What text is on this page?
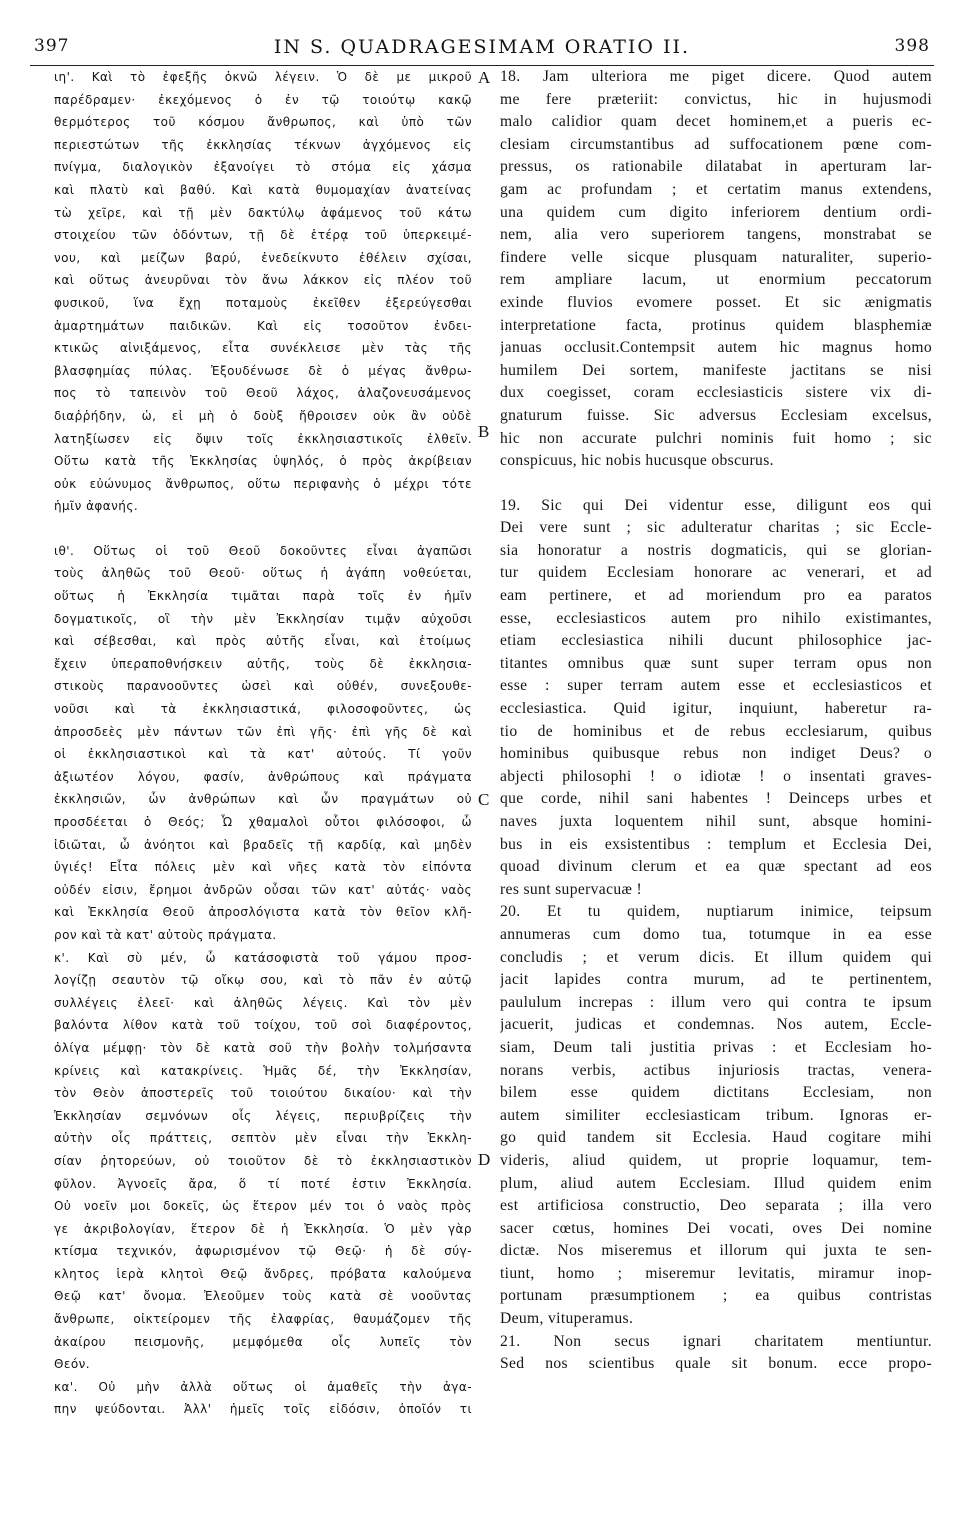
397	IN S. QUADRAGESIMAM ORATIO II.	398
A
B
C
D
ιη'. Καὶ τὸ ἐφεξῆς ὀκνῶ λέγειν. Ὁ δὲ με μικροῦ
παρέδραμεν· ἐκεχόμενος ὁ ἐν τῷ τοιούτῳ κακῷ
θερμότερος τοῦ κόσμου ἄνθρωπος, καὶ ὑπὸ τῶν
περιεστώτων τῆς ἐκκλησίας τέκνων ἀγχόμενος εἰς
πνίγμα, διαλογικὸν ἐξανοίγει τὸ στόμα εἰς χάσμα
καὶ πλατὺ καὶ βαθύ. Καὶ κατὰ θυμομαχίαν ἀνατείνας
τὼ χεῖρε, καὶ τῇ μὲν δακτύλῳ ἀφάμενος τοῦ κάτω
στοιχείου τῶν ὀδόντων, τῇ δὲ ἑτέρᾳ τοῦ ὑπερκειμέ-
νου, καὶ μείζων βαρύ, ἐνεδείκνυτο ἐθέλειν σχίσαι,
καὶ οὕτως ἀνευρῦναι τὸν ἄνω λάκκον εἰς πλέον τοῦ
φυσικοῦ, ἵνα ἔχῃ ποταμοὺς ἐκεῖθεν ἐξερεύγεσθαι
ἁμαρτημάτων παιδικῶν. Καὶ εἰς τοσοῦτον ἐνδει-
κτικῶς αἰνιξάμενος, εἶτα συνέκλεισε μὲν τὰς τῆς
βλασφημίας πύλας. Ἐξουδένωσε δὲ ὁ μέγας ἄνθρω-
πος τὸ ταπεινὸν τοῦ Θεοῦ λάχος, ἀλαζονευσάμενος
διαῤῥήδην, ὡ, εἰ μὴ ὁ δοὺξ ἤθροισεν οὐκ ἂν οὐδὲ
λατηξίωσεν εἰς ὄψιν τοῖς ἐκκλησιαστικοῖς ἐλθεῖν.
Οὕτω κατὰ τῆς Ἐκκλησίας ὑψηλός, ὁ πρὸς ἀκρίβειαν
οὐκ εὐώνυμος ἄνθρωπος, οὕτω περιφανὴς ὁ μέχρι τότε
ἡμῖν ἀφανής.
ιθ'. Οὕτως οἱ τοῦ Θεοῦ δοκοῦντες εἶναι ἀγαπῶσι
τοὺς ἀληθῶς τοῦ Θεοῦ· οὕτως ἡ ἀγάπη νοθεύεται,
οὕτως ἡ Ἐκκλησία τιμᾶται παρὰ τοῖς ἐν ἡμῖν
δογματικοῖς, οἳ τὴν μὲν Ἐκκλησίαν τιμᾷν αὐχοῦσι
καὶ σέβεσθαι, καὶ πρὸς αὐτῆς εἶναι, καὶ ἑτοίμως
ἔχειν ὑπεραποθνήσκειν αὐτῆς, τοὺς δὲ ἐκκλησια-
στικοὺς παρανοοῦντες ὡσεὶ καὶ οὐθέν, συνεξουθε-
νοῦσι καὶ τὰ ἐκκλησιαστικά, φιλοσοφοῦντες, ὡς
ἀπροσδεὲς μὲν πάντων τῶν ἐπὶ γῆς· ἐπὶ γῆς δὲ καὶ
οἱ ἐκκλησιαστικοὶ καὶ τὰ κατ' αὐτούς. Τί γοῦν
ἀξιωτέον λόγου, φασίν, ἀνθρώπους καὶ πράγματα
ἐκκλησιῶν, ὧν ἀνθρώπων καὶ ὧν πραγμάτων οὐ
προσδέεται ὁ Θεός; Ὦ χθαμαλοὶ οὗτοι φιλόσοφοι, ὦ
ἰδιῶται, ὦ ἀνόητοι καὶ βραδεῖς τῇ καρδίᾳ, καὶ μηδὲν
ὑγιές! Εἶτα πόλεις μὲν καὶ νῆες κατὰ τὸν εἰπόντα
οὐδέν εἰσιν, ἔρημοι ἀνδρῶν οὖσαι τῶν κατ' αὐτάς· ναὸς
καὶ Ἐκκλησία Θεοῦ ἀπροσλόγιστα κατὰ τὸν θεῖον κλῆ-
ρον καὶ τὰ κατ' αὐτοὺς πράγματα.
κ'. Καὶ σὺ μέν, ὦ κατάσοφιστὰ τοῦ γάμου προσ-
λογίζῃ σεαυτὸν τῷ οἴκῳ σου, καὶ τὸ πᾶν ἐν αὐτῷ
συλλέγεις ἐλεεῖ· καὶ ἀληθῶς λέγεις. Καὶ τὸν μὲν
βαλόντα λίθον κατὰ τοῦ τοίχου, τοῦ σοὶ διαφέροντος,
ὀλίγα μέμφῃ· τὸν δὲ κατὰ σοῦ τὴν βολὴν τολμήσαντα
κρίνεις καὶ κατακρίνεις. Ἡμᾶς δέ, τὴν Ἐκκλησίαν,
τὸν Θεὸν ἀποστερεῖς τοῦ τοιούτου δικαίου· καὶ τὴν
Ἐκκλησίαν σεμνόνων οἷς λέγεις, περιυβρίζεις τὴν
αὐτὴν οἷς πράττεις, σεπτὸν μὲν εἶναι τὴν Ἐκκλη-
σίαν ῥητορεύων, οὐ τοιοῦτον δὲ τὸ ἐκκλησιαστικὸν
φῦλον. Ἀγνοεῖς ἄρα, ὅ τί ποτέ ἐστιν Ἐκκλησία.
Οὐ νοεῖν μοι δοκεῖς, ὡς ἕτερον μέν τοι ὁ ναὸς πρὸς
γε ἀκριβολογίαν, ἕτερον δὲ ἡ Ἐκκλησία. Ὁ μὲν γὰρ
κτίσμα τεχνικόν, ἀφωρισμένον τῷ Θεῷ· ἡ δὲ σύγ-
κλητος ἱερὰ κλητοὶ Θεῷ ἄνδρες, πρόβατα καλούμενα
Θεῷ κατ' ὄνομα. Ἐλεοῦμεν τοὺς κατὰ σὲ νοοῦντας
ἄνθρωπε, οἰκτείρομεν τῆς ἐλαφρίας, θαυμάζομεν τῆς
ἀκαίρου πεισμονῆς, μεμφόμεθα οἷς λυπεῖς τὸν
Θεόν.
κα'. Οὐ μὴν ἀλλὰ οὕτως οἱ ἀμαθεῖς τὴν ἀγα-
πην ψεύδονται. Ἀλλ' ἡμεῖς τοῖς εἰδόσιν, ὁποῖόν τι
18. Jam ulteriora me piget dicere. Quod autem
me fere præteriit: convictus, hic in hujusmodi
malo calidior quam decet hominem,et a pueris ec-
clesiam circumstantibus ad suffocationem pœne com-
pressus, os rationabile dilatabat in aperturam lar-
gam ac profundam ; et certatim manus extendens,
una quidem cum digito inferiorem dentium ordi-
nem, alia vero superiorem tangens, monstrabat se
findere velle sicque plusquam naturaliter, superio-
rem ampliare lacum, ut enormium peccatorum
exinde fluvios evomere posset. Et sic ænigmatis
interpretatione facta, protinus quidem blasphemiæ
januas occlusit.Contempsit autem hic magnus homo
humilem Dei sortem, manifeste jactitans se nisi
dux coegisset, coram ecclesiasticis sistere vix di-
gnaturum fuisse. Sic adversus Ecclesiam excelsus,
hic non accurate pulchri nominis fuit homo ; sic
conspicuus, hic nobis hucusque obscurus.
19. Sic qui Dei videntur esse, diligunt eos qui
Dei vere sunt ; sic adulteratur charitas ; sic Eccle-
sia honoratur a nostris dogmaticis, qui se glorian-
tur quidem Ecclesiam honorare ac venerari, et ad
eam pertinere, et ad moriendum pro ea paratos
esse, ecclesiasticos autem pro nihilo existimantes,
etiam ecclesiastica nihili ducunt philosophice jac-
titantes omnibus quæ sunt super terram opus non
esse : super terram autem esse et ecclesiasticos et
ecclesiastica. Quid igitur, inquiunt, haberetur ra-
tio de hominibus et de rebus ecclesiarum, quibus
hominibus quibusque rebus non indiget Deus? o
abjecti philosophi ! o idiotæ ! o insentati graves-
que corde, nihil sani habentes ! Deinceps urbes et
naves juxta loquentem nihil sunt, absque homini-
bus in eis exsistentibus : templum et Ecclesia Dei,
quoad divinum clerum et ea quæ spectant ad eos
res sunt supervacuæ !
20. Et tu quidem, nuptiarum inimice, teipsum
annumeras cum domo tua, totumque in ea esse
concludis ; et verum dicis. Et illum quidem qui
jacit lapides contra murum, ad te pertinentem,
paululum increpas : illum vero qui contra te ipsum
jacuerit, judicas et condemnas. Nos autem, Eccle-
siam, Deum tali justitia privas : et Ecclesiam ho-
norans verbis, actibus injuriosis tractas, venera-
bilem esse quidem dictitans Ecclesiam, non
autem similiter ecclesiasticam tribum. Ignoras er-
go quid tandem sit Ecclesia. Haud cogitare mihi
videris, aliud quidem, ut proprie loquamur, tem-
plum, aliud autem Ecclesiam. Illud quidem enim
est artificiosa constructio, Deo separata ; illa vero
sacer cœtus, homines Dei vocati, oves Dei nomine
dictæ. Nos miseremus et illorum qui juxta te sen-
tiunt, homo ; miseremur levitatis, miramur inop-
portunam præsumptionem ; ea quibus contristas
Deum, vituperamus.
21. Non secus ignari charitatem mentiuntur.
Sed nos scientibus quale sit bonum. ecce propo-
